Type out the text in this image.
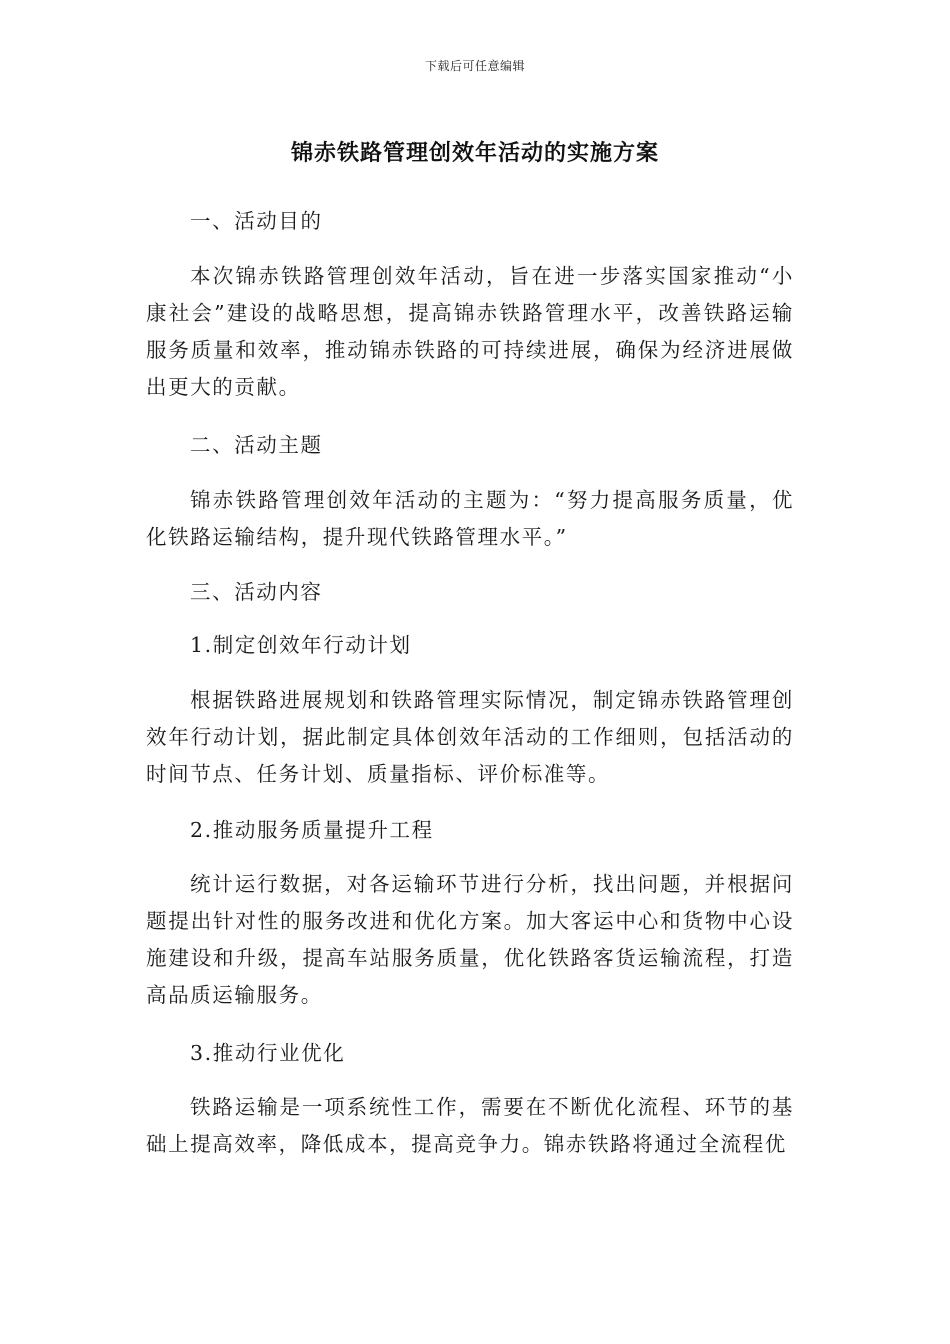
下载后可任意编辑
锦赤铁路管理创效年活动的实施方案
一、活动目的

本次锦赤铁路管理创效年活动，旨在进一步落实国家推动“小康社会”建设的战略思想，提高锦赤铁路管理水平，改善铁路运输服务质量和效率，推动锦赤铁路的可持续进展，确保为经济进展做出更大的贡献。

二、活动主题

锦赤铁路管理创效年活动的主题为：“努力提高服务质量，优化铁路运输结构，提升现代铁路管理水平。”

三、活动内容
1.制定创效年行动计划

根据铁路进展规划和铁路管理实际情况，制定锦赤铁路管理创效年行动计划，据此制定具体创效年活动的工作细则，包括活动的时间节点、任务计划、质量指标、评价标准等。

2.推动服务质量提升工程

统计运行数据，对各运输环节进行分析，找出问题，并根据问题提出针对性的服务改进和优化方案。加大客运中心和货物中心设施建设和升级，提高车站服务质量，优化铁路客货运输流程，打造高品质运输服务。

3.推动行业优化

铁路运输是一项系统性工作，需要在不断优化流程、环节的基础上提高效率，降低成本，提高竞争力。锦赤铁路将通过全流程优
